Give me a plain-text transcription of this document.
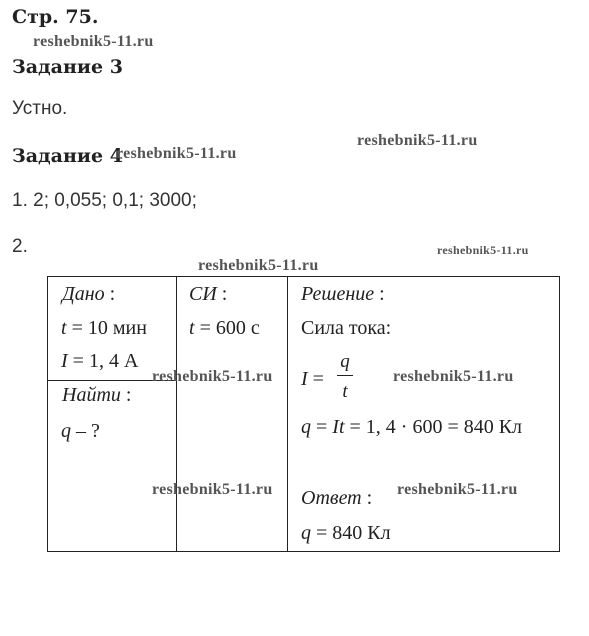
Стр. 75.
Задание 3
Устно.
Задание 4
1. 2; 0,055; 0,1; 3000;
2.
reshebnik5-11.ru
reshebnik5-11.ru
reshebnik5-11.ru
reshebnik5-11.ru
reshebnik5-11.ru
Дано :
t = 10 мин
I = 1, 4 А
Найти :
q – ?
СИ :
t = 600 с
Решение :
Сила тока:
I =
q
t
q = It = 1, 4 · 600 = 840 Кл
Ответ :
q = 840 Кл
reshebnik5-11.ru	reshebnik5-11.ru
reshebnik5-11.ru	reshebnik5-11.ru
